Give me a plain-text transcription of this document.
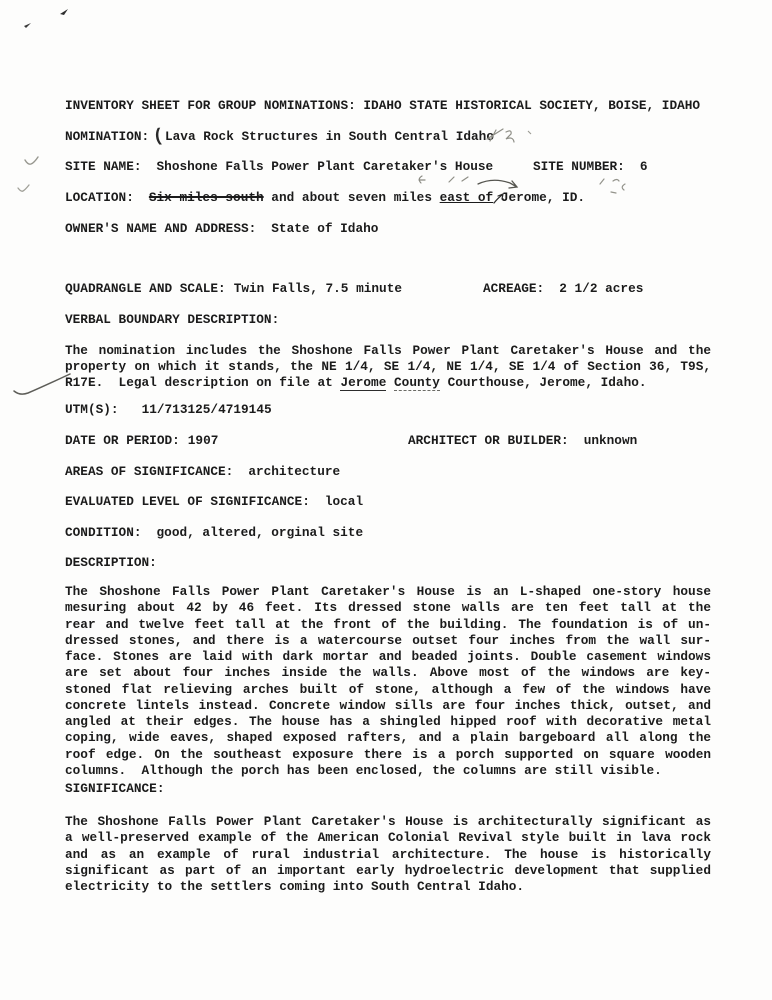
INVENTORY SHEET FOR GROUP NOMINATIONS: IDAHO STATE HISTORICAL SOCIETY, BOISE, IDAHO
NOMINATION: (Lava Rock Structures in South Central Idaho
SITE NAME: Shoshone Falls Power Plant Caretaker's House	SITE NUMBER: 6
LOCATION: Six miles south and about seven miles east of Jerome, ID.
OWNER'S NAME AND ADDRESS: State of Idaho
QUADRANGLE AND SCALE: Twin Falls, 7.5 minute	ACREAGE: 2 1/2 acres
VERBAL BOUNDARY DESCRIPTION:
The nomination includes the Shoshone Falls Power Plant Caretaker's House and the
property on which it stands, the NE 1/4, SE 1/4, NE 1/4, SE 1/4 of Section 36, T9S,
R17E.  Legal description on file at Jerome County Courthouse, Jerome, Idaho.
UTM(S): 11/713125/4719145
DATE OR PERIOD: 1907	ARCHITECT OR BUILDER: unknown
AREAS OF SIGNIFICANCE: architecture
EVALUATED LEVEL OF SIGNIFICANCE: local
CONDITION: good, altered, orginal site
DESCRIPTION:
The Shoshone Falls Power Plant Caretaker's House is an L-shaped one-story house
mesuring about 42 by 46 feet. Its dressed stone walls are ten feet tall at the
rear and twelve feet tall at the front of the building. The foundation is of un-
dressed stones, and there is a watercourse outset four inches from the wall sur-
face. Stones are laid with dark mortar and beaded joints. Double casement windows
are set about four inches inside the walls. Above most of the windows are key-
stoned flat relieving arches built of stone, although a few of the windows have
concrete lintels instead. Concrete window sills are four inches thick, outset, and
angled at their edges. The house has a shingled hipped roof with decorative metal
coping, wide eaves, shaped exposed rafters, and a plain bargeboard all along the
roof edge. On the southeast exposure there is a porch supported on square wooden
columns.  Although the porch has been enclosed, the columns are still visible.
SIGNIFICANCE:
The Shoshone Falls Power Plant Caretaker's House is architecturally significant as
a well-preserved example of the American Colonial Revival style built in lava rock
and as an example of rural industrial architecture. The house is historically
significant as part of an important early hydroelectric development that supplied
electricity to the settlers coming into South Central Idaho.
